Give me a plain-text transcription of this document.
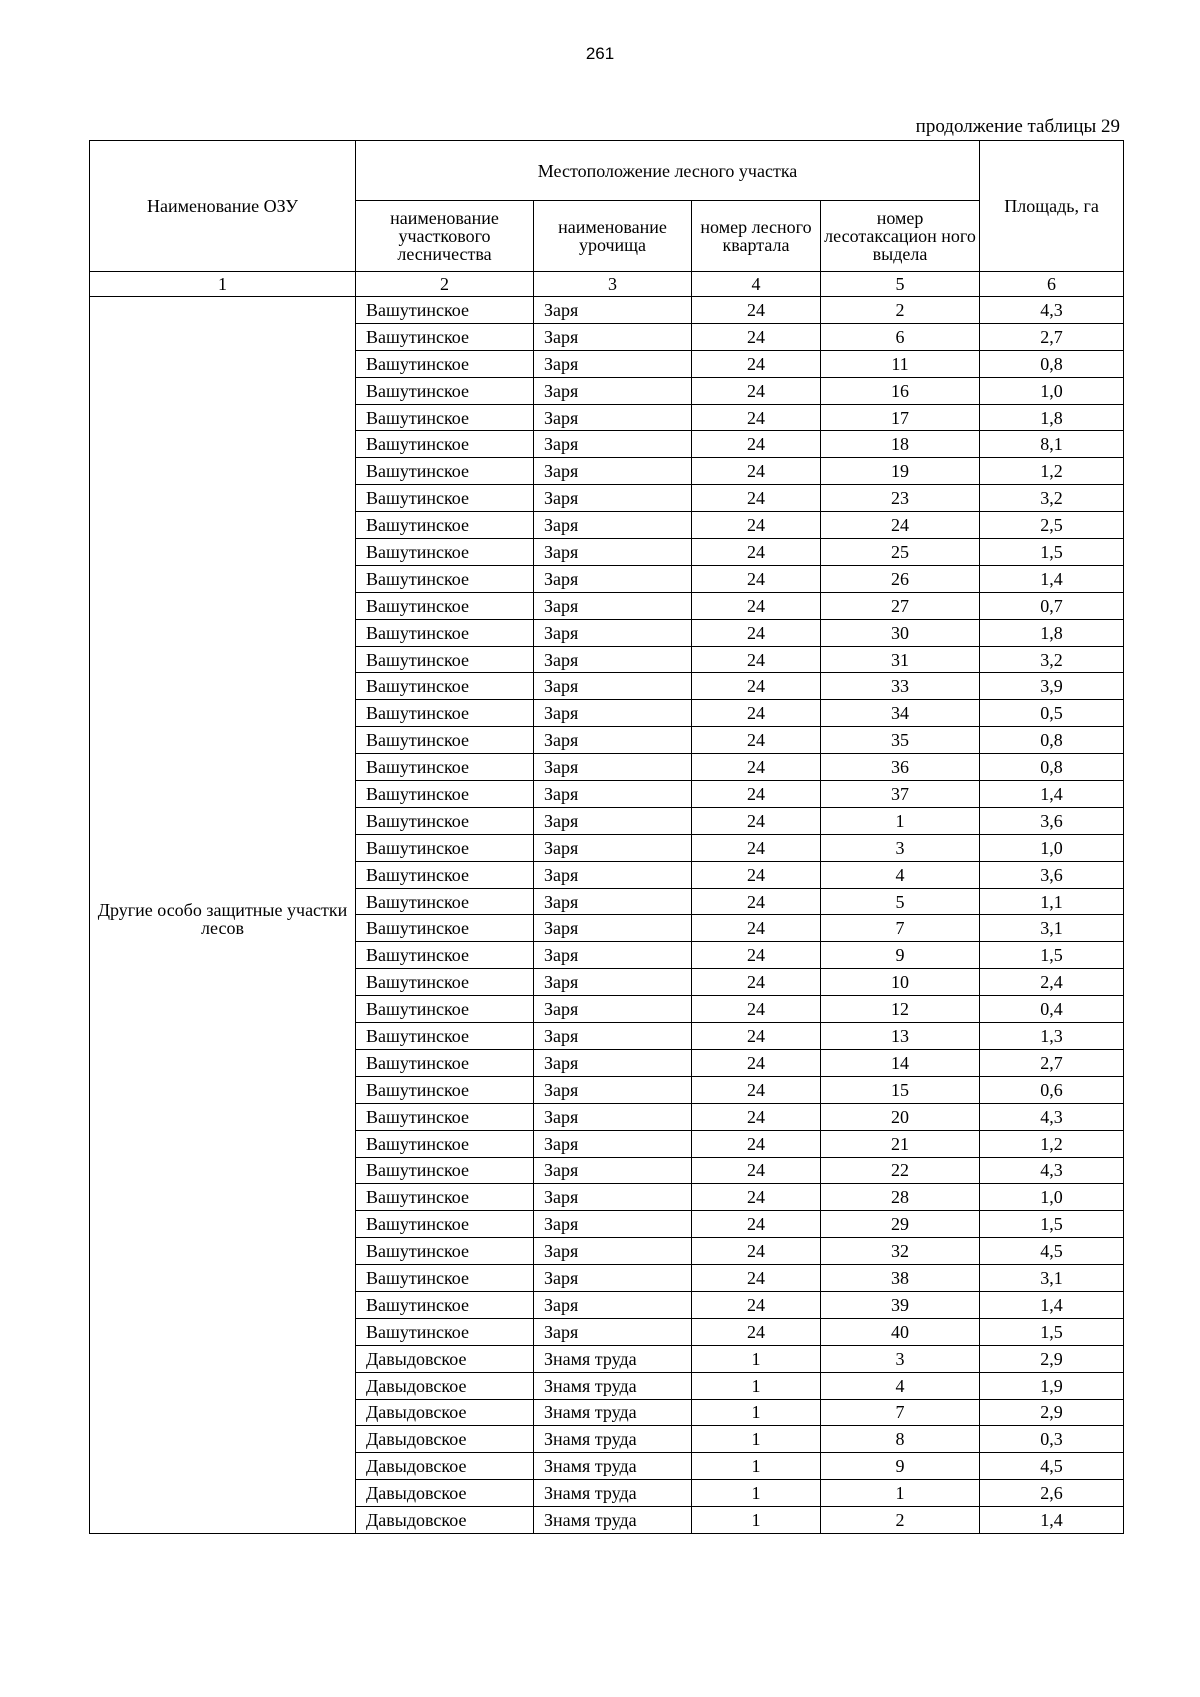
261
продолжение таблицы 29
Наименование ОЗУ	Местоположение лесного участка				Площадь, га
	наименование участкового лесничества	наименование урочища	номер лесного квартала	номер лесотаксацион ного выдела	
1	2	3	4	5	6
Другие особо защитные участки лесов	Вашутинское	Заря	24	2	4,3
	Вашутинское	Заря	24	6	2,7
	Вашутинское	Заря	24	11	0,8
	Вашутинское	Заря	24	16	1,0
	Вашутинское	Заря	24	17	1,8
	Вашутинское	Заря	24	18	8,1
	Вашутинское	Заря	24	19	1,2
	Вашутинское	Заря	24	23	3,2
	Вашутинское	Заря	24	24	2,5
	Вашутинское	Заря	24	25	1,5
	Вашутинское	Заря	24	26	1,4
	Вашутинское	Заря	24	27	0,7
	Вашутинское	Заря	24	30	1,8
	Вашутинское	Заря	24	31	3,2
	Вашутинское	Заря	24	33	3,9
	Вашутинское	Заря	24	34	0,5
	Вашутинское	Заря	24	35	0,8
	Вашутинское	Заря	24	36	0,8
	Вашутинское	Заря	24	37	1,4
	Вашутинское	Заря	24	1	3,6
	Вашутинское	Заря	24	3	1,0
	Вашутинское	Заря	24	4	3,6
	Вашутинское	Заря	24	5	1,1
	Вашутинское	Заря	24	7	3,1
	Вашутинское	Заря	24	9	1,5
	Вашутинское	Заря	24	10	2,4
	Вашутинское	Заря	24	12	0,4
	Вашутинское	Заря	24	13	1,3
	Вашутинское	Заря	24	14	2,7
	Вашутинское	Заря	24	15	0,6
	Вашутинское	Заря	24	20	4,3
	Вашутинское	Заря	24	21	1,2
	Вашутинское	Заря	24	22	4,3
	Вашутинское	Заря	24	28	1,0
	Вашутинское	Заря	24	29	1,5
	Вашутинское	Заря	24	32	4,5
	Вашутинское	Заря	24	38	3,1
	Вашутинское	Заря	24	39	1,4
	Вашутинское	Заря	24	40	1,5
	Давыдовское	Знамя труда	1	3	2,9
	Давыдовское	Знамя труда	1	4	1,9
	Давыдовское	Знамя труда	1	7	2,9
	Давыдовское	Знамя труда	1	8	0,3
	Давыдовское	Знамя труда	1	9	4,5
	Давыдовское	Знамя труда	1	1	2,6
	Давыдовское	Знамя труда	1	2	1,4
